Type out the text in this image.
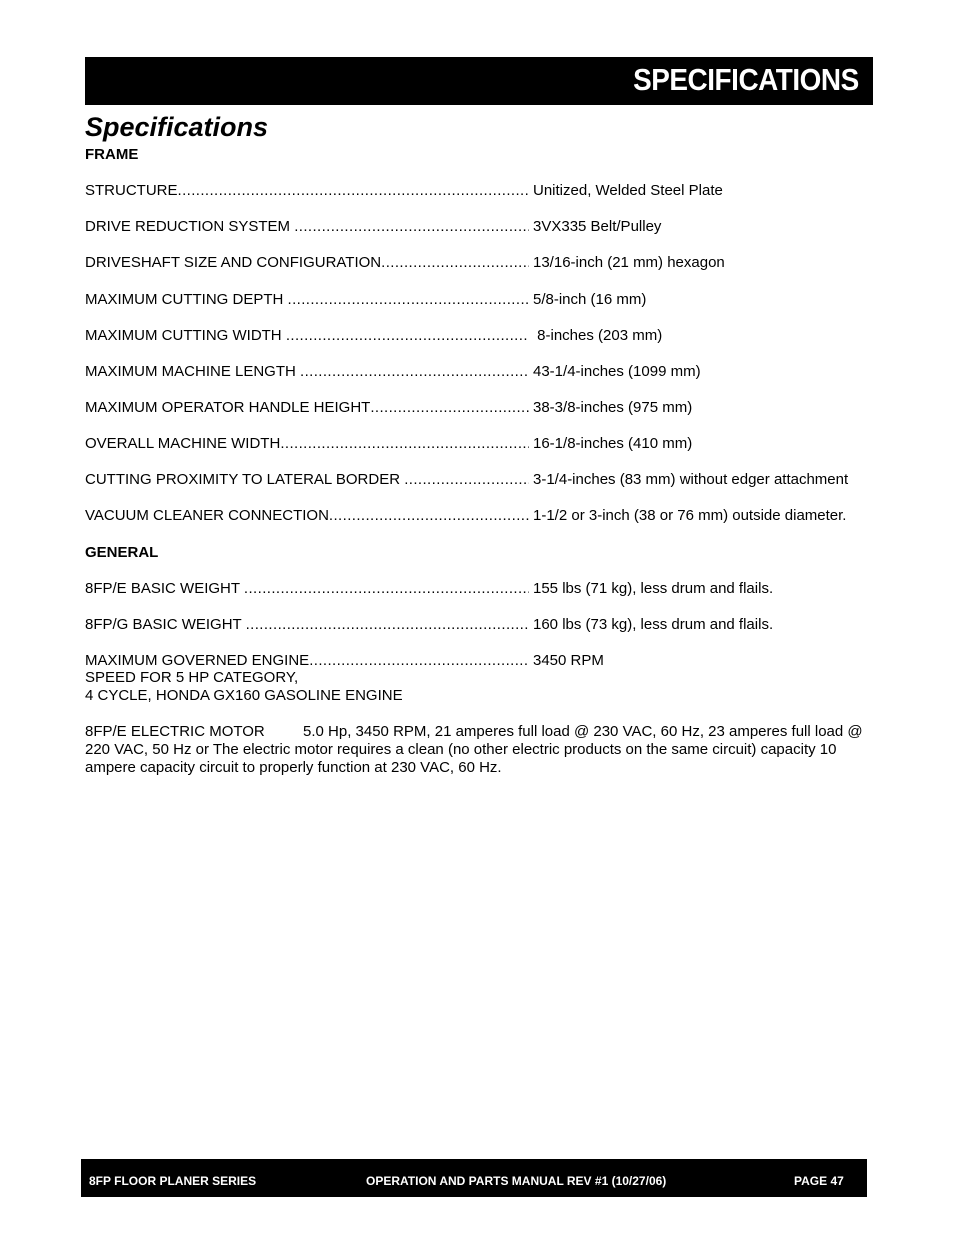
SPECIFICATIONS
Specifications
FRAME
STRUCTURE .....	Unitized, Welded Steel Plate
DRIVE REDUCTION SYSTEM .....	3VX335 Belt/Pulley
DRIVESHAFT SIZE AND CONFIGURATION .....	13/16-inch (21 mm) hexagon
MAXIMUM CUTTING DEPTH .....	5/8-inch (16 mm)
MAXIMUM CUTTING WIDTH .....	8-inches (203 mm)
MAXIMUM MACHINE LENGTH .....	43-1/4-inches (1099 mm)
MAXIMUM OPERATOR HANDLE HEIGHT .....	38-3/8-inches (975 mm)
OVERALL MACHINE WIDTH .....	16-1/8-inches (410 mm)
CUTTING PROXIMITY TO LATERAL BORDER .....	3-1/4-inches (83 mm) without edger attachment
VACUUM CLEANER CONNECTION .....	1-1/2 or 3-inch (38 or 76 mm) outside diameter.
GENERAL
8FP/E BASIC WEIGHT .....	155 lbs (71 kg), less drum and flails.
8FP/G BASIC WEIGHT .....	160 lbs (73 kg), less drum and flails.
MAXIMUM GOVERNED ENGINE .....	3450 RPM
SPEED FOR 5 HP CATEGORY,
4 CYCLE, HONDA GX160 GASOLINE ENGINE
8FP/E ELECTRIC MOTOR	5.0 Hp, 3450 RPM, 21 amperes full load @ 230 VAC, 60 Hz, 23 amperes full load @ 220 VAC, 50 Hz or The electric motor requires a clean (no other electric products on the same circuit) capacity 10 ampere capacity circuit to properly function at 230 VAC, 60 Hz.
8FP FLOOR PLANER SERIES	OPERATION AND PARTS MANUAL REV #1 (10/27/06)	PAGE 47
